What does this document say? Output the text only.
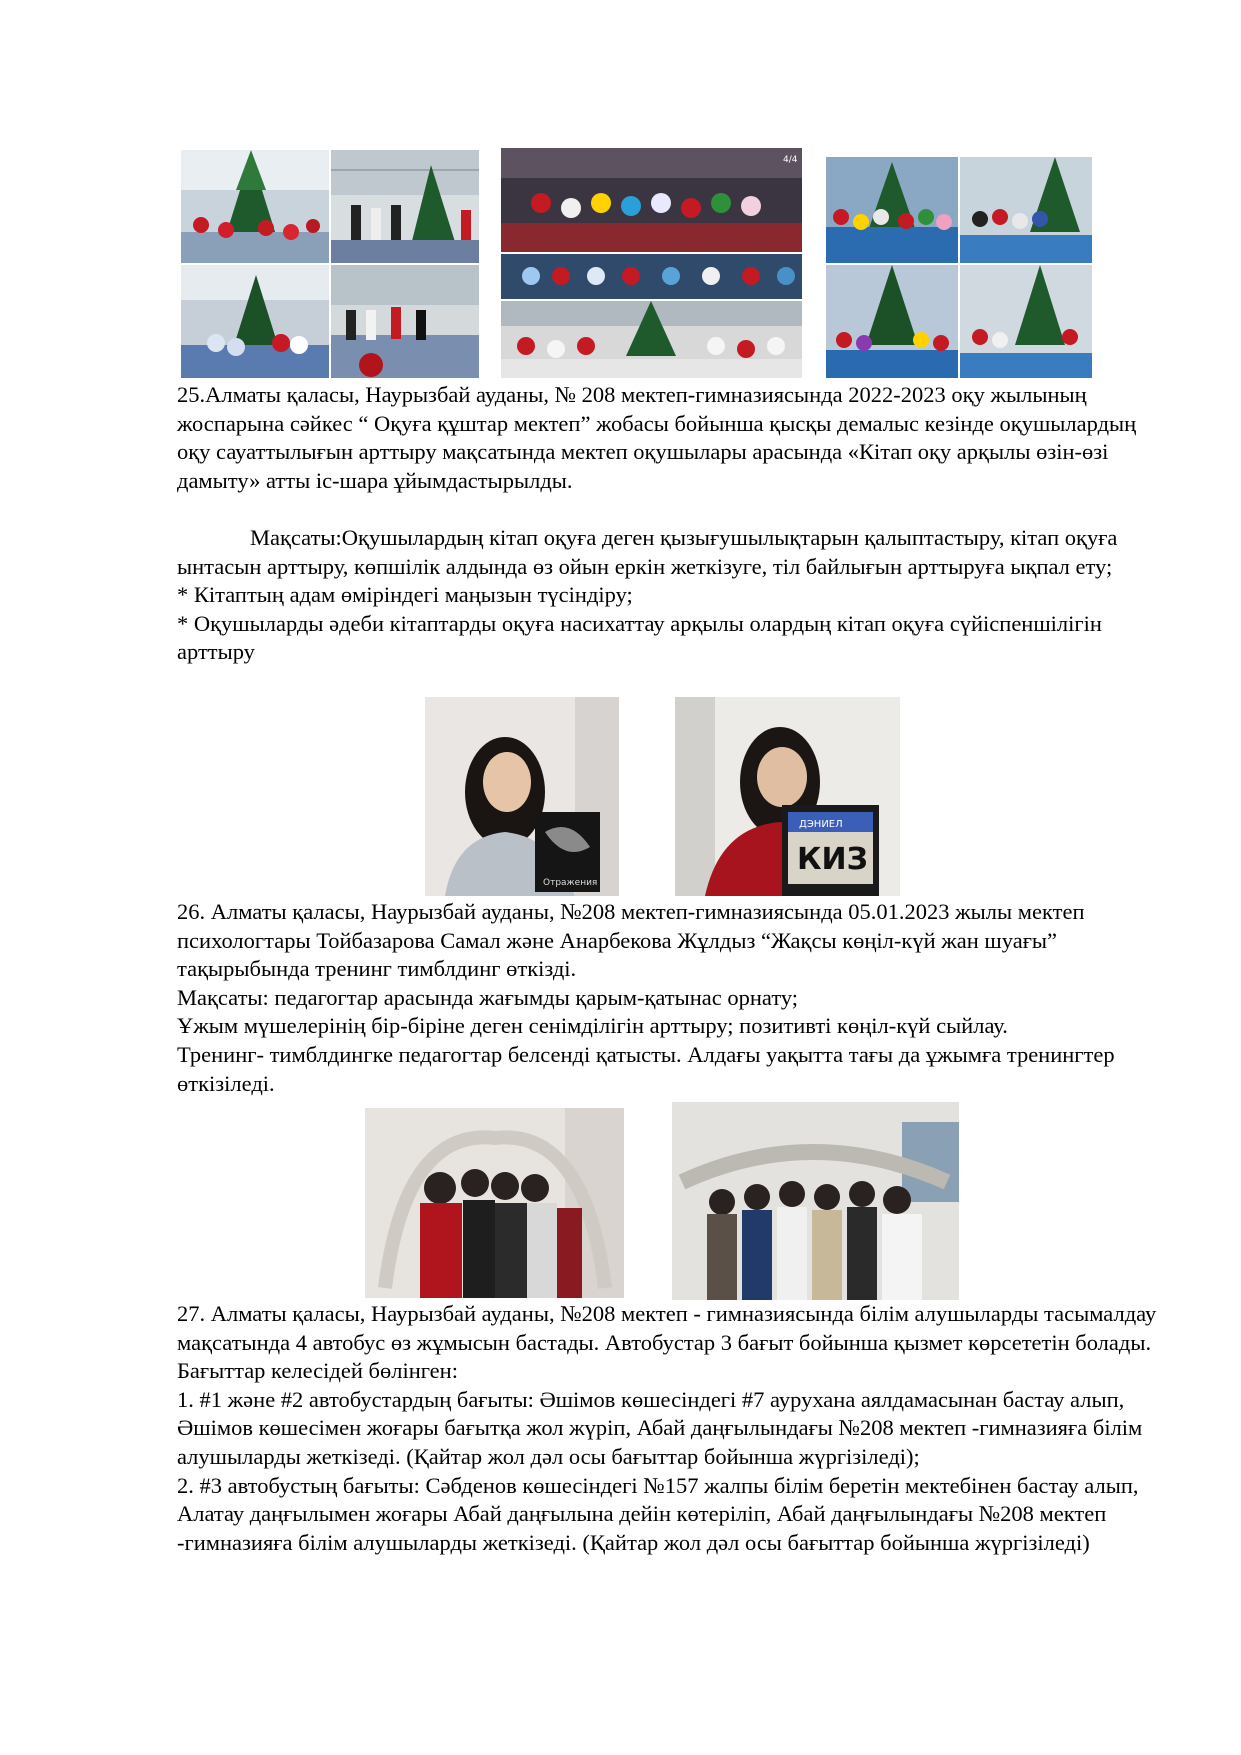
4/4

25.Алматы қаласы, Наурызбай ауданы, № 208 мектеп-гимназиясында 2022-2023 оқу жылының жоспарына сәйкес “ Оқуға құштар мектеп” жобасы бойынша қысқы демалыс кезінде оқушылардың оқу сауаттылығын арттыру мақсатында мектеп оқушылары арасында «Кітап оқу арқылы өзін-өзі дамыту» атты іс-шара ұйымдастырылды.

Мақсаты:Оқушылардың кітап оқуға деген қызығушылықтарын қалыптастыру, кітап оқуға ынтасын арттыру, көпшілік алдында өз ойын еркін жеткізуге, тіл байлығын арттыруға ықпал ету;

* Кітаптың адам өміріндегі маңызын түсіндіру;

* Оқушыларды әдеби кітаптарды оқуға насихаттау арқылы олардың кітап оқуға сүйіспеншілігін арттыру

Отражения
ДЭНИЕЛ
КИЗ

26. Алматы қаласы, Наурызбай ауданы, №208 мектеп-гимназиясында 05.01.2023 жылы мектеп психологтары Тойбазарова Самал және Анарбекова Жұлдыз “Жақсы көңіл-күй жан шуағы” тақырыбында тренинг тимблдинг өткізді.

Мақсаты: педагогтар арасында жағымды қарым-қатынас орнату;

Ұжым мүшелерінің бір-біріне деген сенімділігін арттыру; позитивті көңіл-күй сыйлау.

Тренинг- тимблдингке педагогтар белсенді қатысты. Алдағы уақытта тағы да ұжымға тренингтер өткізіледі.

27. Алматы қаласы, Наурызбай ауданы, №208 мектеп - гимназиясында білім алушыларды тасымалдау  мақсатында 4 автобус өз жұмысын бастады. Автобустар 3 бағыт бойынша қызмет көрсететін болады. Бағыттар келесідей бөлінген:

1. #1 және #2 автобустардың бағыты: Әшімов көшесіндегі #7 аурухана аялдамасынан бастау алып, Әшімов көшесімен жоғары бағытқа жол жүріп, Абай даңғылындағы №208 мектеп -гимназияға білім алушыларды жеткізеді. (Қайтар жол дәл осы бағыттар бойынша жүргізіледі);

2. #3 автобустың бағыты: Сәбденов көшесіндегі №157 жалпы білім беретін мектебінен бастау алып, Алатау даңғылымен жоғары Абай даңғылына дейін көтеріліп, Абай даңғылындағы №208 мектеп -гимназияға білім алушыларды жеткізеді. (Қайтар жол дәл осы бағыттар бойынша жүргізіледі)
